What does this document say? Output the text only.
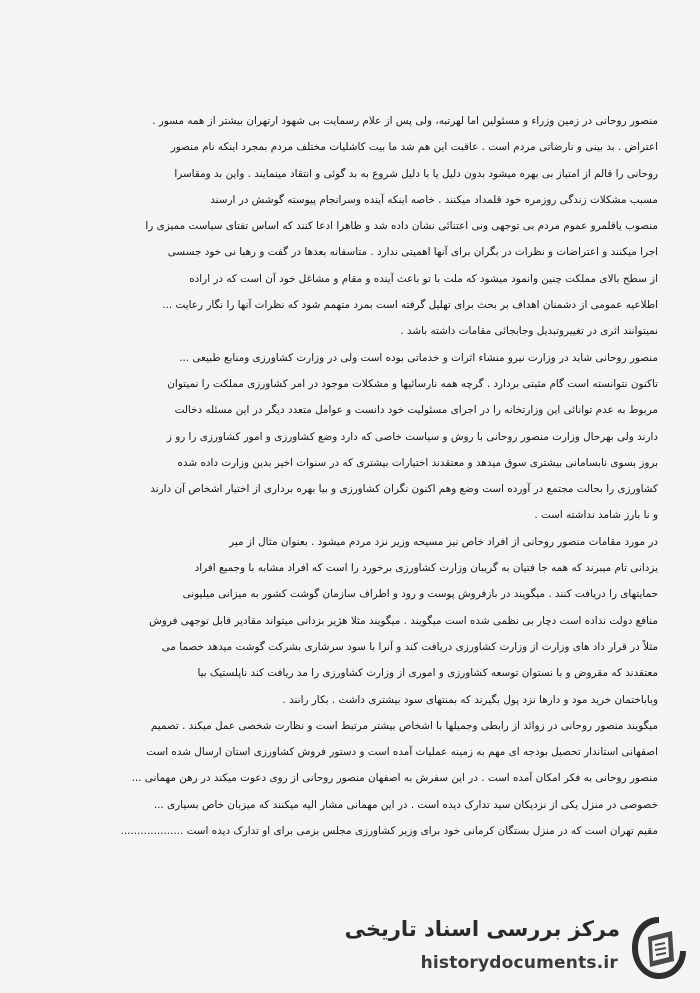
منصور روحانی در زمین وزراء و مسئولین اما لهرتبه، ولی پس از علام رسمایت بی شهود ارتهران بیشتر از همه مسور .
اعتراض . بد بینی و نارضاتی مردم است . عاقبت این هم شد ما بیت کاشلیات مختلف مردم بمجرد اینکه نام منصور
روحانی را قالم از امتیاز بی بهره میشود بدون دلیل یا با دلیل شروع به بد گوئی و انتقاد مینمایند . واین بد ومقاسرا
مسبب مشکلات زندگی روزمره خود قلمداد میکنند . خاصه اینکه آینده وسرانجام پیوسته گوشش در ارسند
منصوب یاقلمرو عموم مردم بی توجهی ونی اعتنائی نشان داده شد و ظاهرا ادعا کنند که اساس تفتای سیاست ممیزی را
اجرا میکنند و اعتراضات و نظرات در بگران برای آنها اهمیتی ندارد . متاسفانه بعدها در گفت و رهبا نی خود جسسی
از سطح بالای مملکت چنین وانمود میشود که ملت با تو باعث آینده و مقام و مشاغل خود آن است که در اراده
اطلاعیه عمومی از دشمنان اهداف بر بحث برای تهلیل گرفته است بمرد متهمم شود که نظرات آنها را نگار رعایت ...
نمیتوانند اثری در تغییروتبدیل وجابجائی مقامات داشته باشد .
منصور روحانی شاید در وزارت نیرو منشاء اثرات و خدماتی بوده است ولی در وزارت کشاورزی ومنابع طبیعی ...
تاکنون نتوانسته است گام مثبتی بردارد . گرچه همه نارسائیها و مشکلات موجود در امر کشاورزی مملکت را نمیتوان
مربوط به عدم توانائی این وزارتخانه را در اجرای مسئولیت خود دانست و عوامل متعدد دیگر در این مسئله دخالت
دارند ولی بهرحال وزارت منصور روحانی با روش و سیاست خاصی که دارد وضع کشاورزی و امور کشاورزی را رو ز
بروز بسوی نابسامانی بیشتری سوق میدهد و معتقدند اختیارات بیشتری که در سنوات اخیر بدین وزارت داده شده
کشاورزی را بحالت مجتمع در آورده است وضع وهم اکنون نگران کشاورزی و بیا بهره برداری از اختیار اشخاص آن دارند
و نا بارز شامد نداشته است .
در مورد مقامات منصور روحانی از افراد خاص نیز مسیحه وزیر نزد مردم میشود . بعنوان مثال از میر
یزدانی تام میبرند که همه جا فتیان به گریبان وزارت کشاورزی برخورد را است که افراد مشابه با وجمیع افراد
حمایتهای را دریافت کنند . میگویند در بازفروش پوست و رود و اطراف سازمان گوشت کشور به میزانی میلیونی
منافع دولت نداده است دچار بی نظمی شده است میگویند . میگویند مثلا هژیر بزدانی میتواند مقادیر قابل توجهی فروش
مثلاً در قرار داد های وزارت از وزارت کشاورزی دریافت کند و آنرا با سود سرشاری بشرکت گوشت میدهد خصما می
معتقدند که مقروض و با نستوان توسعه کشاورزی و اموری از وزارت کشاورزی را مد ریافت کند ناپلستیک بیا
وباباختمان خرید مود و دارها نزد پول بگیرند که بمنتهای سود بیشتری داشت . بکار رانند .
میگویند منصور روحانی در زوائد از رابطی وجمیلها با اشخاص بیشتر مرتبط است و نظارت شخصی عمل میکند . تصمیم
اصفهانی استاندار تحصیل بودجه ای مهم به زمینه عملیات آمده است و دستور فروش کشاورزی استان ارسال شده است
منصور روحانی به فکر امکان آمده است . در این سفرش به اصفهان منصور روحانی از روی دعوت میکند در رهن مهمانی ...
خصوصی در منزل یکی از نزدیکان سید تدارک دیده است . در این مهمانی مشار الیه میکنند که میزبان خاص بسیاری ...
مقیم تهران است که در منزل بستگان کرمانی خود برای وزیر کشاورزی مجلس بزمی برای او تدارک دیده است ...................
مرکز بررسی اسناد تاریخی
historydocuments.ir
